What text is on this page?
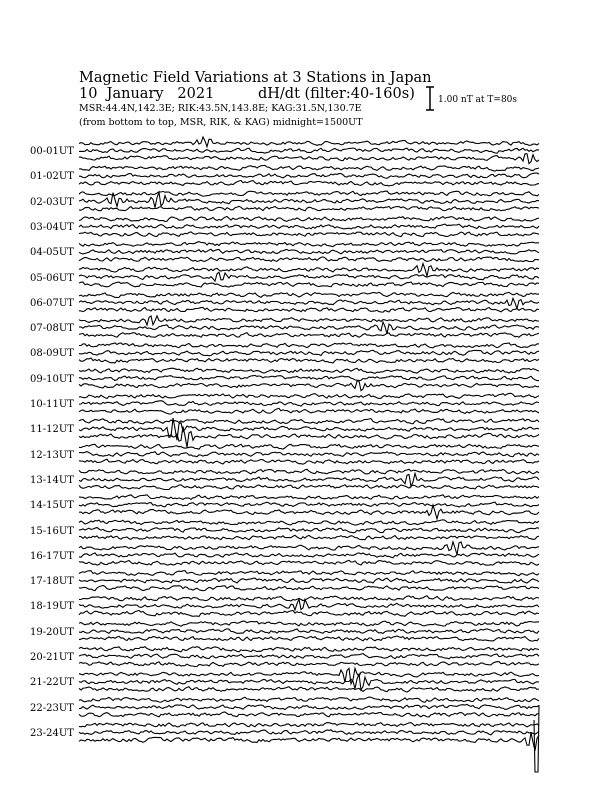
Magnetic Field Variations at 3 Stations in Japan
10  January   2021	dH/dt (filter:40-160s)
MSR:44.4N,142.3E; RIK:43.5N,143.8E; KAG:31.5N,130.7E
(from bottom to top, MSR, RIK, & KAG) midnight=1500UT
1.00 nT at T=80s
00-01UT
01-02UT
02-03UT
03-04UT
04-05UT
05-06UT
06-07UT
07-08UT
08-09UT
09-10UT
10-11UT
11-12UT
12-13UT
13-14UT
14-15UT
15-16UT
16-17UT
17-18UT
18-19UT
19-20UT
20-21UT
21-22UT
22-23UT
23-24UT
